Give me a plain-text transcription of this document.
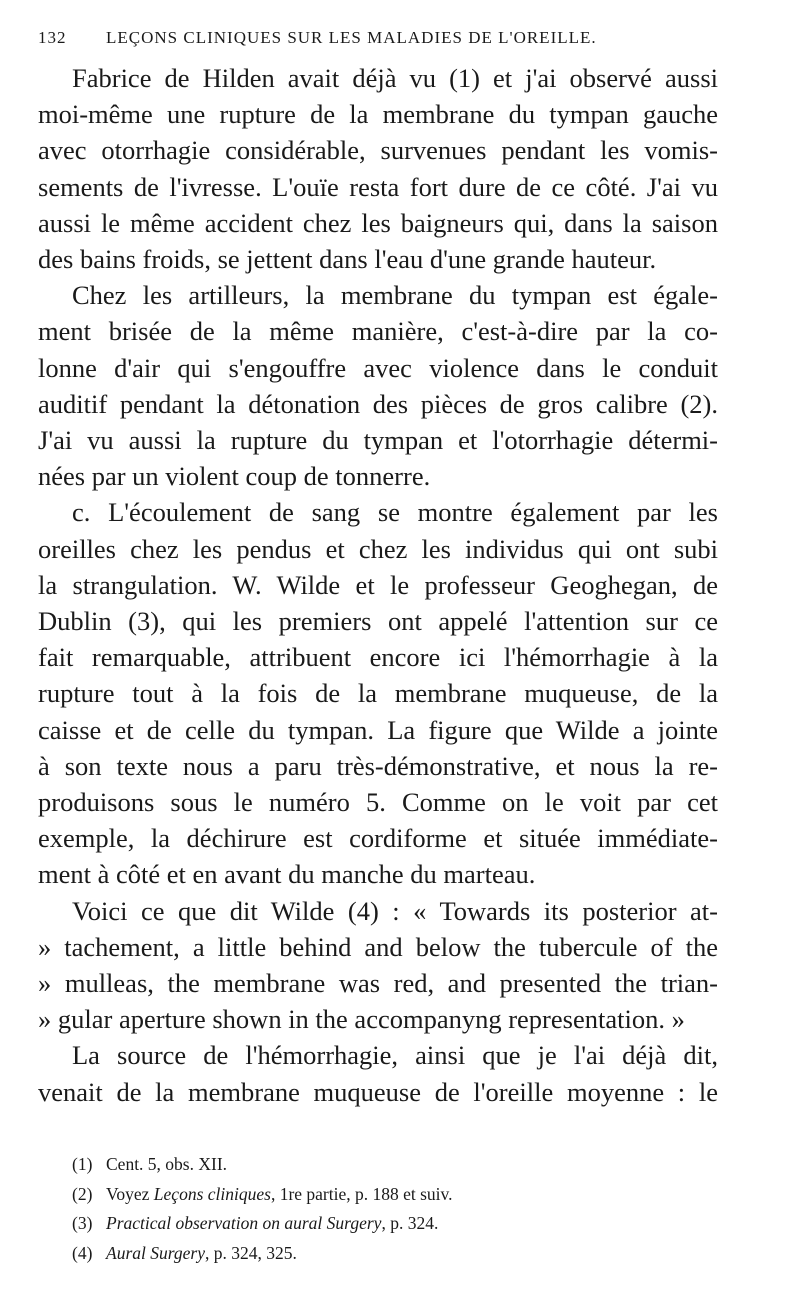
132	LEÇONS CLINIQUES SUR LES MALADIES DE L'OREILLE.

Fabrice de Hilden avait déjà vu (1) et j'ai observé aussi
moi-même une rupture de la membrane du tympan gauche
avec otorrhagie considérable, survenues pendant les vomis-
sements de l'ivresse. L'ouïe resta fort dure de ce côté. J'ai vu
aussi le même accident chez les baigneurs qui, dans la saison
des bains froids, se jettent dans l'eau d'une grande hauteur.

Chez les artilleurs, la membrane du tympan est égale-
ment brisée de la même manière, c'est-à-dire par la co-
lonne d'air qui s'engouffre avec violence dans le conduit
auditif pendant la détonation des pièces de gros calibre (2).
J'ai vu aussi la rupture du tympan et l'otorrhagie détermi-
nées par un violent coup de tonnerre.

c. L'écoulement de sang se montre également par les
oreilles chez les pendus et chez les individus qui ont subi
la strangulation. W. Wilde et le professeur Geoghegan, de
Dublin (3), qui les premiers ont appelé l'attention sur ce
fait remarquable, attribuent encore ici l'hémorrhagie à la
rupture tout à la fois de la membrane muqueuse, de la
caisse et de celle du tympan. La figure que Wilde a jointe
à son texte nous a paru très-démonstrative, et nous la re-
produisons sous le numéro 5. Comme on le voit par cet
exemple, la déchirure est cordiforme et située immédiate-
ment à côté et en avant du manche du marteau.

Voici ce que dit Wilde (4) : « Towards its posterior at-
» tachement, a little behind and below the tubercule of the
» mulleas, the membrane was red, and presented the trian-
» gular aperture shown in the accompanyng representation. »

La source de l'hémorrhagie, ainsi que je l'ai déjà dit,
venait de la membrane muqueuse de l'oreille moyenne : le

(1) Cent. 5, obs. XII.
(2) Voyez Leçons cliniques, 1re partie, p. 188 et suiv.
(3) Practical observation on aural Surgery, p. 324.
(4) Aural Surgery, p. 324, 325.
